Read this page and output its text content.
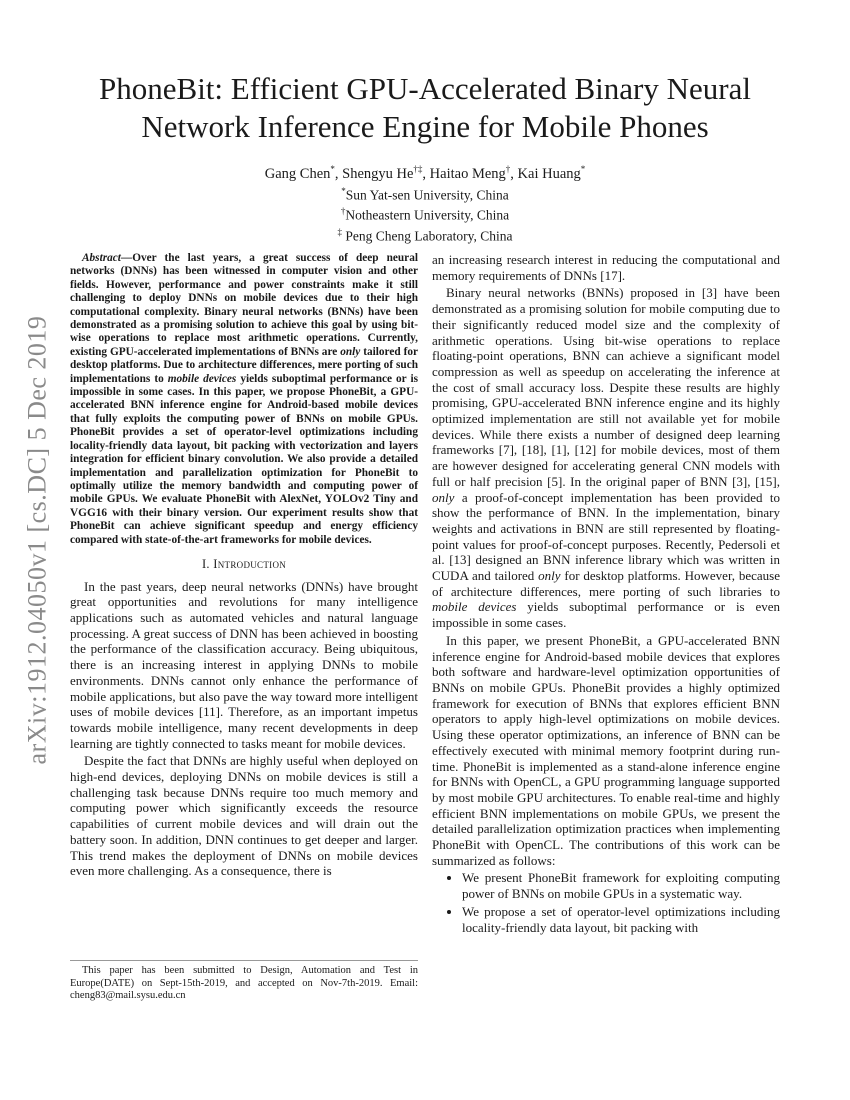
arXiv:1912.04050v1 [cs.DC] 5 Dec 2019
PhoneBit: Efficient GPU-Accelerated Binary Neural Network Inference Engine for Mobile Phones
Gang Chen*, Shengyu He†‡, Haitao Meng†, Kai Huang*
*Sun Yat-sen University, China
†Notheastern University, China
‡ Peng Cheng Laboratory, China

Abstract—Over the last years, a great success of deep neural networks (DNNs) has been witnessed in computer vision and other fields. However, performance and power constraints make it still challenging to deploy DNNs on mobile devices due to their high computational complexity. Binary neural networks (BNNs) have been demonstrated as a promising solution to achieve this goal by using bit-wise operations to replace most arithmetic operations. Currently, existing GPU-accelerated implementations of BNNs are only tailored for desktop platforms. Due to architecture differences, mere porting of such implementations to mobile devices yields suboptimal performance or is impossible in some cases. In this paper, we propose PhoneBit, a GPU-accelerated BNN inference engine for Android-based mobile devices that fully exploits the computing power of BNNs on mobile GPUs. PhoneBit provides a set of operator-level optimizations including locality-friendly data layout, bit packing with vectorization and layers integration for efficient binary convolution. We also provide a detailed implementation and parallelization optimization for PhoneBit to optimally utilize the memory bandwidth and computing power of mobile GPUs. We evaluate PhoneBit with AlexNet, YOLOv2 Tiny and VGG16 with their binary version. Our experiment results show that PhoneBit can achieve significant speedup and energy efficiency compared with state-of-the-art frameworks for mobile devices.

I. Introduction

In the past years, deep neural networks (DNNs) have brought great opportunities and revolutions for many intelligence applications such as automated vehicles and natural language processing. A great success of DNN has been achieved in boosting the performance of the classification accuracy. Being ubiquitous, there is an increasing interest in applying DNNs to mobile environments. DNNs cannot only enhance the performance of mobile applications, but also pave the way toward more intelligent uses of mobile devices [11]. Therefore, as an important impetus towards mobile intelligence, many recent developments in deep learning are tightly connected to tasks meant for mobile devices.

Despite the fact that DNNs are highly useful when deployed on high-end devices, deploying DNNs on mobile devices is still a challenging task because DNNs require too much memory and computing power which significantly exceeds the resource capabilities of current mobile devices and will drain out the battery soon. In addition, DNN continues to get deeper and larger. This trend makes the deployment of DNNs on mobile devices even more challenging. As a consequence, there is

This paper has been submitted to Design, Automation and Test in Europe(DATE) on Sept-15th-2019, and accepted on Nov-7th-2019. Email: cheng83@mail.sysu.edu.cn

an increasing research interest in reducing the computational and memory requirements of DNNs [17].

Binary neural networks (BNNs) proposed in [3] have been demonstrated as a promising solution for mobile computing due to their significantly reduced model size and the complexity of arithmetic operations. Using bit-wise operations to replace floating-point operations, BNN can achieve a significant model compression as well as speedup on accelerating the inference at the cost of small accuracy loss. Despite these results are highly promising, GPU-accelerated BNN inference engine and its highly optimized implementation are still not available yet for mobile devices. While there exists a number of designed deep learning frameworks [7], [18], [1], [12] for mobile devices, most of them are however designed for accelerating general CNN models with full or half precision [5]. In the original paper of BNN [3], [15], only a proof-of-concept implementation has been provided to show the performance of BNN. In the implementation, binary weights and activations in BNN are still represented by floating-point values for proof-of-concept purposes. Recently, Pedersoli et al. [13] designed an BNN inference library which was written in CUDA and tailored only for desktop platforms. However, because of architecture differences, mere porting of such libraries to mobile devices yields suboptimal performance or is even impossible in some cases.

In this paper, we present PhoneBit, a GPU-accelerated BNN inference engine for Android-based mobile devices that explores both software and hardware-level optimization opportunities of BNNs on mobile GPUs. PhoneBit provides a highly optimized framework for execution of BNNs that explores efficient BNN operators to apply high-level optimizations on mobile devices. Using these operator optimizations, an inference of BNN can be effectively executed with minimal memory footprint during run-time. PhoneBit is implemented as a stand-alone inference engine for BNNs with OpenCL, a GPU programming language supported by most mobile GPU architectures. To enable real-time and highly efficient BNN implementations on mobile GPUs, we present the detailed parallelization optimization practices when implementing PhoneBit with OpenCL. The contributions of this work can be summarized as follows:

• We present PhoneBit framework for exploiting computing power of BNNs on mobile GPUs in a systematic way.
• We propose a set of operator-level optimizations including locality-friendly data layout, bit packing with
